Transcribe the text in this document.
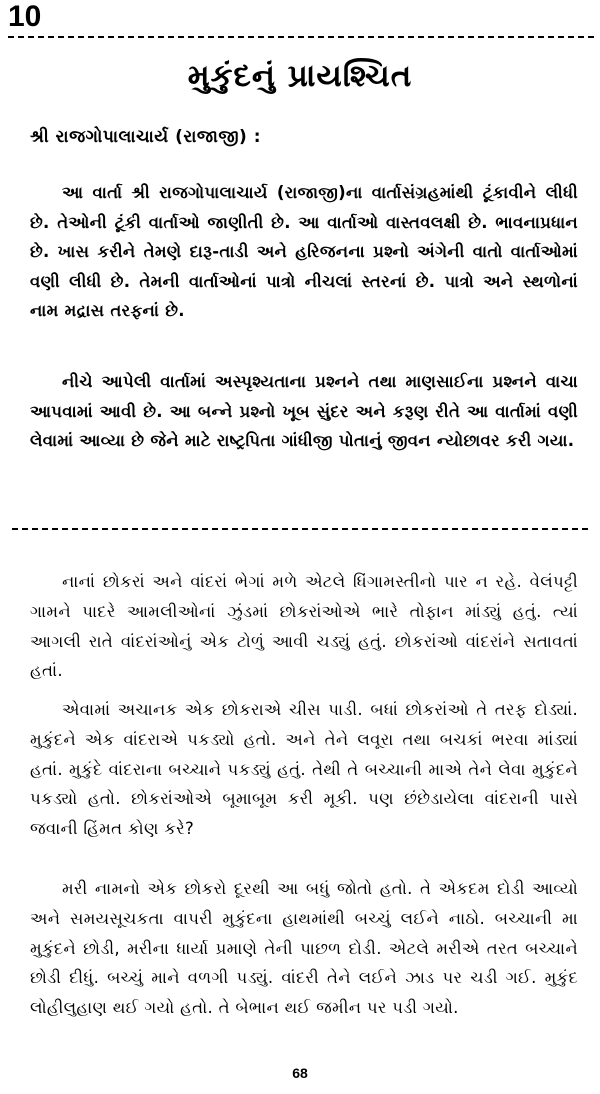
10
મુકુંદનું પ્રાયશ્ચિત
શ્રી રાજગોપાલાચાર્ય (રાજાજી) :

આ વાર્તા શ્રી રાજગોપાલાચાર્ય (રાજાજી)ના વાર્તાસંગ્રહમાંથી ટૂંકાવીને લીધી છે. તેઓની ટૂંકી વાર્તાઓ જાણીતી છે. આ વાર્તાઓ વાસ્તવલક્ષી છે. ભાવનાપ્રધાન છે. ખાસ કરીને તેમણે દારૂ-તાડી અને હરિજનના પ્રશ્નો અંગેની વાતો વાર્તાઓમાં વણી લીધી છે. તેમની વાર્તાઓનાં પાત્રો નીચલાં સ્તરનાં છે. પાત્રો અને સ્થળોનાં નામ મદ્રાસ તરફનાં છે.

નીચે આપેલી વાર્તામાં અસ્પૃશ્યતાના પ્રશ્નને તથા માણસાઈના પ્રશ્નને વાચા આપવામાં આવી છે. આ બન્ને પ્રશ્નો ખૂબ સુંદર અને કરૂણ રીતે આ વાર્તામાં વણી લેવામાં આવ્યા છે જેને માટે રાષ્ટ્રપિતા ગાંધીજી પોતાનું જીવન ન્યોછાવર કરી ગયા.

નાનાં છોકરાં અને વાંદરાં ભેગાં મળે એટલે ધિંગામસ્તીનો પાર ન રહે. વેલંપટ્ટી ગામને પાદરે આમલીઓનાં ઝુંડમાં છોકરાંઓએ ભારે તોફાન માંડ્યું હતું. ત્યાં આગલી રાતે વાંદરાંઓનું એક ટોળું આવી ચડ્યું હતું. છોકરાંઓ વાંદરાંને સતાવતાં હતાં.

એવામાં અચાનક એક છોકરાએ ચીસ પાડી. બધાં છોકરાંઓ તે તરફ દોડ્યાં. મુકુંદને એક વાંદરાએ પકડ્યો હતો. અને તેને લવૂરા તથા બચકાં ભરવા માંડ્યાં હતાં. મુકુંદે વાંદરાના બચ્ચાને પકડ્યું હતું. તેથી તે બચ્ચાની માએ તેને લેવા મુકુંદને પકડ્યો હતો. છોકરાંઓએ બૂમાબૂમ કરી મૂકી. પણ છંછેડાયેલા વાંદરાની પાસે જવાની હિંમત કોણ કરે?

મરી નામનો એક છોકરો દૂરથી આ બધું જોતો હતો. તે એકદમ દોડી આવ્યો અને સમયસૂચકતા વાપરી મુકુંદના હાથમાંથી બચ્ચું લઈને નાઠો. બચ્ચાની મા મુકુંદને છોડી, મરીના ધાર્યા પ્રમાણે તેની પાછળ દોડી. એટલે મરીએ તરત બચ્ચાને છોડી દીધું. બચ્ચું માને વળગી પડ્યું. વાંદરી તેને લઈને ઝાડ પર ચડી ગઈ. મુકુંદ લોહીલુહાણ થઈ ગયો હતો. તે બેભાન થઈ જમીન પર પડી ગયો.

68
